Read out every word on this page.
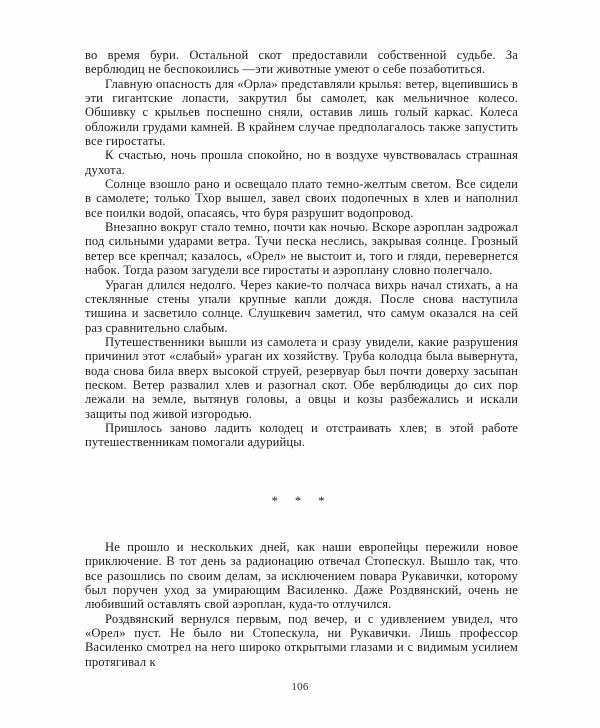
во время бури. Остальной скот предоставили собственной судьбе. За верблюдиц не беспокоились —эти животные умеют о себе позаботиться.

Главную опасность для «Орла» представляли крылья: ветер, вцепившись в эти гигантские лопасти, закрутил бы самолет, как мельничное колесо. Обшивку с крыльев поспешно сняли, оставив лишь голый каркас. Колеса обложили грудами камней. В крайнем случае предполагалось также запустить все гиростаты.

К счастью, ночь прошла спокойно, но в воздухе чувствовалась страшная духота.

Солнце взошло рано и освещало плато темно-желтым светом. Все сидели в самолете; только Тхор вышел, завел своих подопечных в хлев и наполнил все поилки водой, опасаясь, что буря разрушит водопровод.

Внезапно вокруг стало темно, почти как ночью. Вскоре аэроплан задрожал под сильными ударами ветра. Тучи песка неслись, закрывая солнце. Грозный ветер все крепчал; казалось, «Орел» не выстоит и, того и гляди, перевернется набок. Тогда разом загудели все гиростаты и аэроплану словно полегчало.

Ураган длился недолго. Через какие-то полчаса вихрь начал стихать, а на стеклянные стены упали крупные капли дождя. После снова наступила тишина и засветило солнце. Слушкевич заметил, что самум оказался на сей раз сравнительно слабым.

Путешественники вышли из самолета и сразу увидели, какие разрушения причинил этот «слабый» ураган их хозяйству. Труба колодца была вывернута, вода снова била вверх высокой струей, резервуар был почти доверху засыпан песком. Ветер развалил хлев и разогнал скот. Обе верблюдицы до сих пор лежали на земле, вытянув головы, а овцы и козы разбежались и искали защиты под живой изгородью.

Пришлось заново ладить колодец и отстраивать хлев; в этой работе путешественникам помогали адурийцы.

* * *

Не прошло и нескольких дней, как наши европейцы пережили новое приключение. В тот день за радионацию отвечал Стопескул. Вышло так, что все разошлись по своим делам, за исключением повара Рукавички, которому был поручен уход за умирающим Василенко. Даже Роздвянский, очень не любивший оставлять свой аэроплан, куда-то отлучился.

Роздвянский вернулся первым, под вечер, и с удивлением увидел, что «Орел» пуст. Не было ни Стопескула, ни Рукавички. Лишь профессор Василенко смотрел на него широко открытыми глазами и с видимым усилием протягивал к

106
